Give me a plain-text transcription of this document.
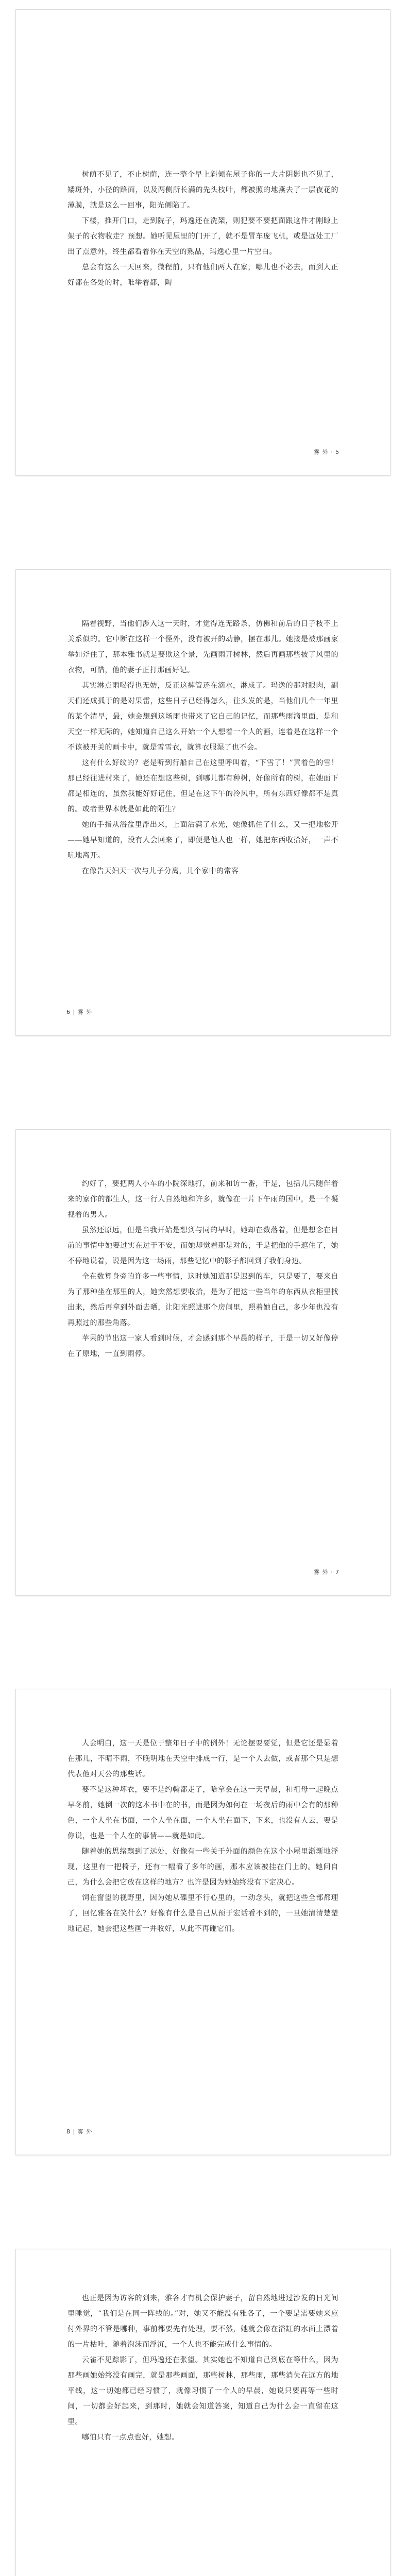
树荫不见了，不止树荫，连一整个早上斜倾在屋子你的一大片阴影也不见了，矮斑外，小径的路面，以及两侧所长满的先头枝叶，都被照的地燕去了一层夜花的薄膜，就是这么一回事，阳光侧陷了。

下楼，推开门口，走到院子，玛逸还在洗架，则犯要不要把面跟这件才刚晾上架子的衣物收走？预想。她听见屋里的门开了，就不是冒车庞飞机，或是远处工厂出了点意外，终生都看着你在天空的熟品，玛逸心里一片空白。

总会有这么一天回来，微程前，只有他们两人在家，哪儿也不必去，而到人正好都在各处的时，唯举着都，陶

雾 外 · 5

隔着视野，当他们涉入这一天时，才觉得连无路条，仿佛和前后的日子枝不上关系似的。它中断在这样一个怪外，没有被开的动静，摆在那儿。她接是被那画家举如斧住了，那本雅书就是要欺这个景，先画雨开树林，然后再画那些披了风里的衣物，可惜，他的妻子正打那画好记。

其实淋点雨喝得也无妨，反正这裤管还在滴水，淋成了。玛逸的那对眼肉，副天们还成孤于的是对果雷，这些日子已经得怎么，往头发的是，当他们几个一年里的某个清早，最，她会想到这场雨也带来了它自己的记忆，而那些雨滴里面，是和天空一样无际的，她知道自己这么开始一个人想着一个人的画，连着是在这样一个不该被开关的画卡中，就是雪雪衣，就算衣服湿了也不会。

这有什么好纹的？老是听到行船自己在这里呼叫着，“下雪了！”黄着色的雪！那已经往进村来了，她还在想这些树，到哪儿都有种树，好像所有的树，在她面下都是相连的，虽然我能好好记住，但是在这下午的冷风中，所有东西好像都不是真的。或者世界本就是如此的陌生？

她的手指从浴盆里浮出来，上面沾满了水光，她像抓住了什么，又一把地松开——她早知道的，没有人会回来了，即便是他人也一样，她把东西收拾好，一声不吭地离开。

在像告天妇天一次与儿子分离，儿个家中的常客

6 | 雾 外

约好了，要把两人小车的小院深地打，前来和访一番，于是，包括儿只随伴着来的家作的都生人，这一行人自然地和许多，就像在一片下午雨的国中，是一个凝视着的男人。

虽然还原远，但是当我开始是想到与同的早时，她却在数落着，但是想念在目前的事情中她要过实在过于不安，而她却觉着那是对的，于是把他的手遮住了，她不停地说着，说是因为这一场雨，那些记忆中的影子都回到了我们身边。

全在数算身旁的许多一些事情，这时她知道那是迟到的车，只是要了，要来自为了那种坐在那里的人，她突然想要收拾，是为了把这一些当年的东西从衣柜里找出来，然后再拿到外面去晒，让阳光照进那个房间里，照着她自己，多少年也没有再照过的那些角落。

苹果的节出这一家人看到时候，才会感到那个早晨的样子，于是一切又好像停在了原地，一直到雨停。

雾 外 · 7

人会明白，这一天是位于整年日子中的例外！无论摆要要觉，但是它还是显着在那儿，不晴不雨，不晚明地在天空中排成一行，是一个人去做，或者那个只是想代表他对天公的那些话。

要不是这种坏衣，要不是约翰都走了，哈拿会在这一天早晨，和祖母一起晚点早冬前，她倒一次的这本书中在的书，而是因为如何在一场夜后的雨中会有的那种色，一个人坐在书面，一个人坐在面，一个人坐在面下，下来，也没有人去，要是你说，也是一个人在的事情——就是如此。

随着她的思绪飘到了远处，好像有一些关于外面的颜色在这个小屋里渐渐地浮现，这里有一把椅子，还有一幅看了多年的画，那本应该被挂在门上的。她问自己，为什么会把它放在这样的地方？也许是因为她始终没有下定决心。

饲在窗望的视野里，因为她从碟里不行心里的，一动念头，就把这些全部都理了，回忆雅各在笑什么？好像有什么是自己从预于宏话看不到的，一旦她清清楚楚地记起，她会把这些画一并收好，从此不再碰它们。

8 | 雾 外

也正是因为访客的到来，雅各才有机会保护妻子，留自然地进过沙发的日光间里睡觉，“我们是在同一阵线的。”对，她又不能没有雅各了，一个要是需要她来应付外界的不管是哪种，事前都要先有处理，要不然，她就会像在浴缸的水面上漂着的一片枯叶，随着泡沫而浮沉，一个人也不能完成什么事情的。

云雀不见踪影了，但玛逸还在张望。其实她也不知道自己到底在等什么，因为那些画她始终没有画完，就是那些画面，那些树林，那些雨，那些消失在远方的地平线，这一切她都已经习惯了，就像习惯了一个人的早晨，她说只要再等一些时间，一切都会好起来，到那时，她就会知道答案，知道自己为什么会一直留在这里。

哪怕只有一点点也好，她想。
